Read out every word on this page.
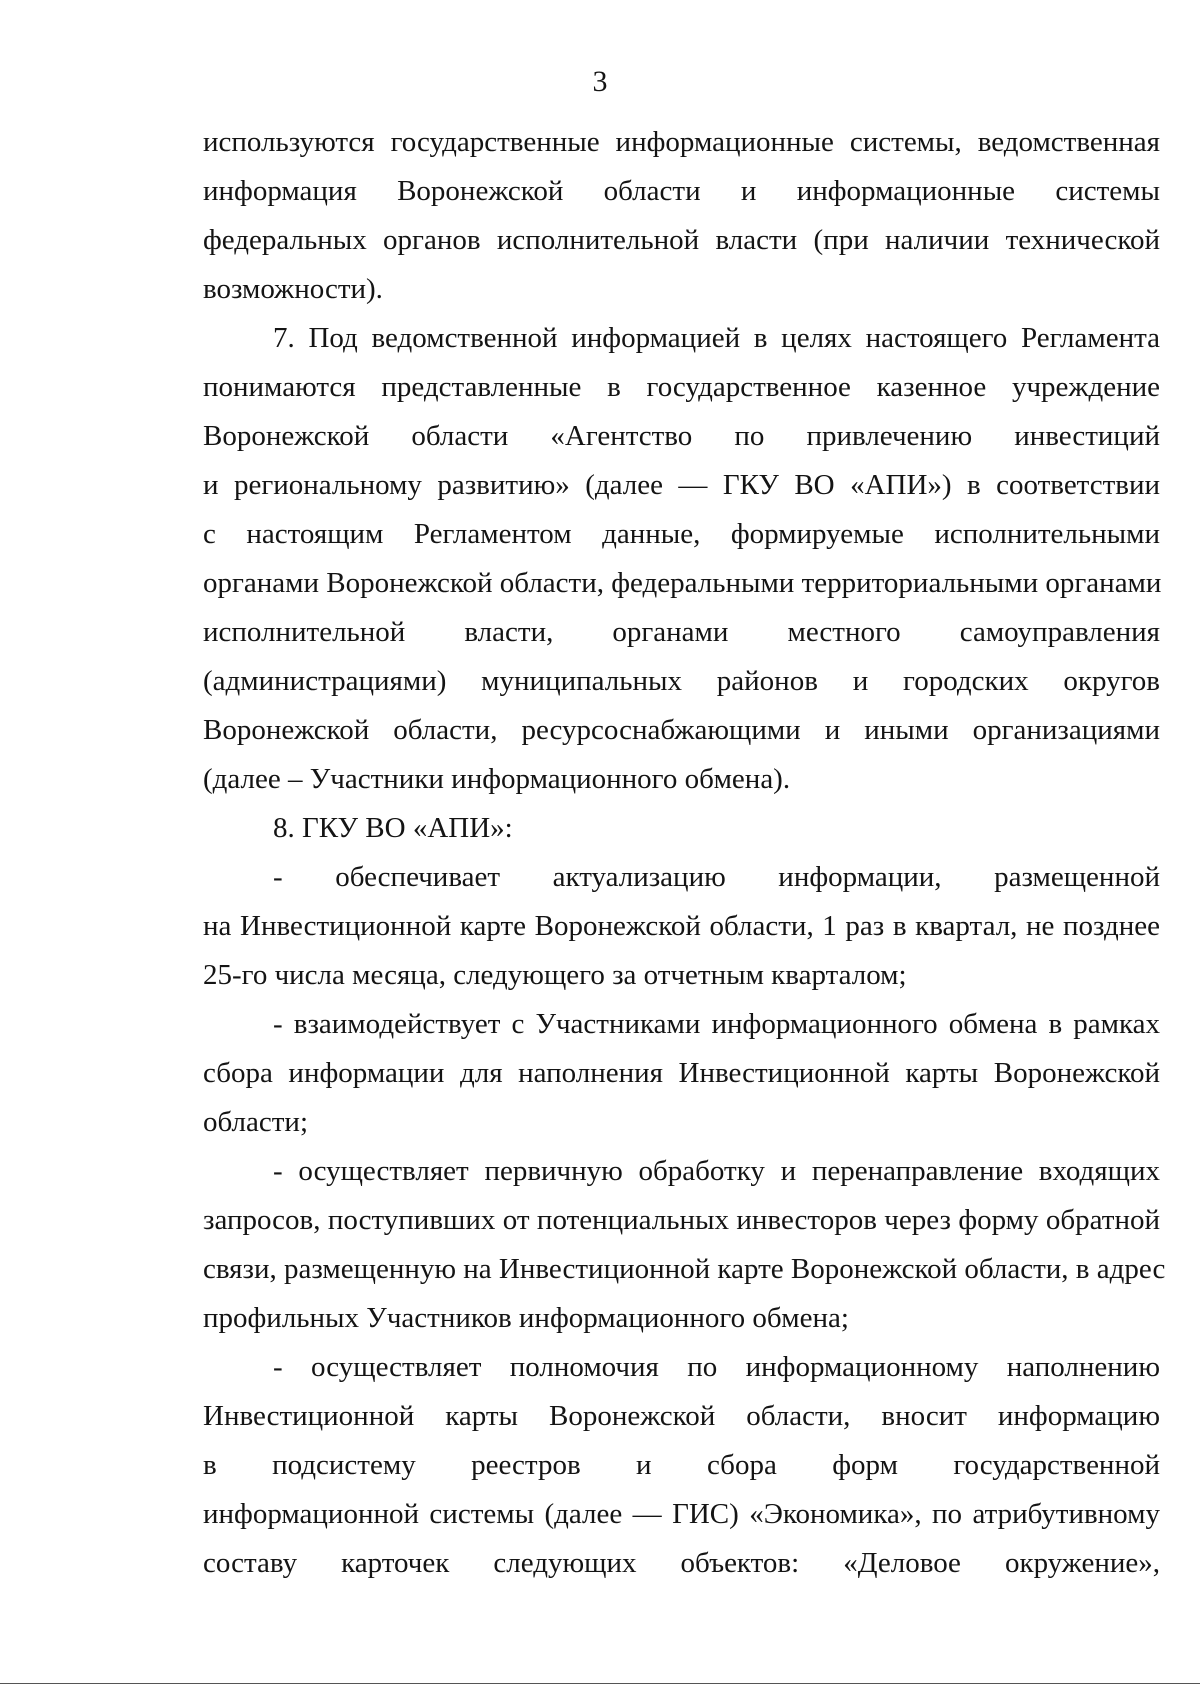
3
используются государственные информационные системы, ведомственная
информация Воронежской области и информационные системы
федеральных органов исполнительной власти (при наличии технической
возможности).
7. Под ведомственной информацией в целях настоящего Регламента
понимаются представленные в государственное казенное учреждение
Воронежской области «Агентство по привлечению инвестиций
и региональному развитию» (далее — ГКУ ВО «АПИ») в соответствии
с настоящим Регламентом данные, формируемые исполнительными
органами Воронежской области, федеральными территориальными органами
исполнительной власти, органами местного самоуправления
(администрациями) муниципальных районов и городских округов
Воронежской области, ресурсоснабжающими и иными организациями
(далее – Участники информационного обмена).
8. ГКУ ВО «АПИ»:
- обеспечивает актуализацию информации, размещенной
на Инвестиционной карте Воронежской области, 1 раз в квартал, не позднее
25-го числа месяца, следующего за отчетным кварталом;
- взаимодействует с Участниками информационного обмена в рамках
сбора информации для наполнения Инвестиционной карты Воронежской
области;
- осуществляет первичную обработку и перенаправление входящих
запросов, поступивших от потенциальных инвесторов через форму обратной
связи, размещенную на Инвестиционной карте Воронежской области, в адрес
профильных Участников информационного обмена;
- осуществляет полномочия по информационному наполнению
Инвестиционной карты Воронежской области, вносит информацию
в подсистему реестров и сбора форм государственной
информационной системы (далее — ГИС) «Экономика», по атрибутивному
составу карточек следующих объектов: «Деловое окружение»,
